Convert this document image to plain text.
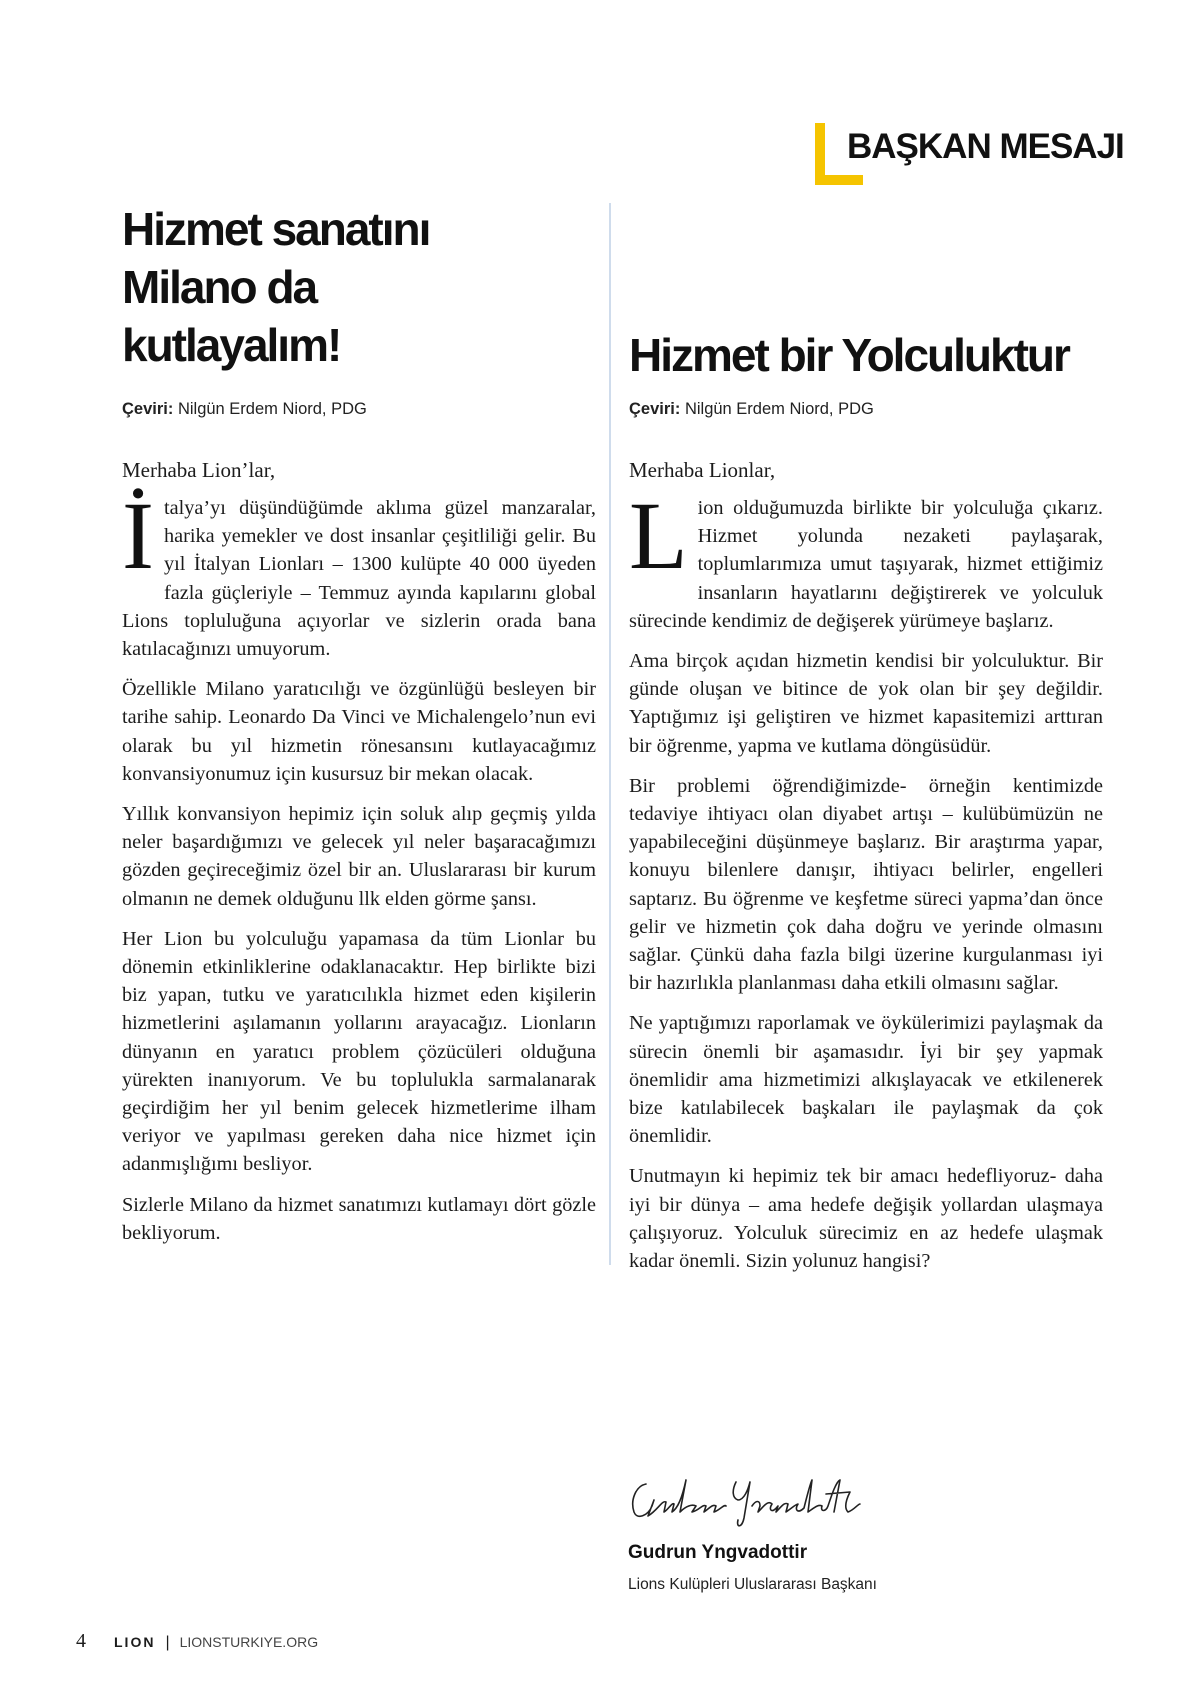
BAŞKAN MESAJI
Hizmet sanatını
Milano da
kutlayalım!

Çeviri: Nilgün Erdem Niord, PDG

Merhaba Lion’lar,

İtalya’yı düşündüğümde aklıma güzel manzaralar, harika yemekler ve dost insanlar çeşitliliği gelir. Bu yıl İtalyan Lionları – 1300 kulüpte 40 000 üyeden fazla güçleriyle – Temmuz ayında kapılarını global Lions topluluğuna açıyorlar ve sizlerin orada bana katılacağınızı umuyorum.

Özellikle Milano yaratıcılığı ve özgünlüğü besleyen bir tarihe sahip. Leonardo Da Vinci ve Michalengelo’nun evi olarak bu yıl hizmetin rönesansını kutlayacağımız konvansiyonumuz için kusursuz bir mekan olacak.

Yıllık konvansiyon hepimiz için soluk alıp geçmiş yılda neler başardığımızı ve gelecek yıl neler başaracağımızı gözden geçireceğimiz özel bir an. Uluslararası bir kurum olmanın ne demek olduğunu llk elden görme şansı.

Her Lion bu yolculuğu yapamasa da tüm Lionlar bu dönemin etkinliklerine odaklanacaktır. Hep birlikte bizi biz yapan, tutku ve yaratıcılıkla hizmet eden kişilerin hizmetlerini aşılamanın yollarını arayacağız. Lionların dünyanın en yaratıcı problem çözücüleri olduğuna yürekten inanıyorum. Ve bu toplulukla sarmalanarak geçirdiğim her yıl benim gelecek hizmetlerime ilham veriyor ve yapılması gereken daha nice hizmet için adanmışlığımı besliyor.

Sizlerle Milano da hizmet sanatımızı kutlamayı dört gözle bekliyorum.

Hizmet bir Yolculuktur

Çeviri: Nilgün Erdem Niord, PDG

Merhaba Lionlar,

Lion olduğumuzda birlikte bir yolculuğa çıkarız. Hizmet yolunda nezaketi paylaşarak, toplumlarımıza umut taşıyarak, hizmet ettiğimiz insanların hayatlarını değiştirerek ve yolculuk sürecinde kendimiz de değişerek yürümeye başlarız.

Ama birçok açıdan hizmetin kendisi bir yolculuktur. Bir günde oluşan ve bitince de yok olan bir şey değildir. Yaptığımız işi geliştiren ve hizmet kapasitemizi arttıran bir öğrenme, yapma ve kutlama döngüsüdür.

Bir problemi öğrendiğimizde- örneğin kentimizde tedaviye ihtiyacı olan diyabet artışı – kulübümüzün ne yapabileceğini düşünmeye başlarız. Bir araştırma yapar, konuyu bilenlere danışır, ihtiyacı belirler, engelleri saptarız. Bu öğrenme ve keşfetme süreci yapma’dan önce gelir ve hizmetin çok daha doğru ve yerinde olmasını sağlar. Çünkü daha fazla bilgi üzerine kurgulanması iyi bir hazırlıkla planlanması daha etkili olmasını sağlar.

Ne yaptığımızı raporlamak ve öykülerimizi paylaşmak da sürecin önemli bir aşamasıdır. İyi bir şey yapmak önemlidir ama hizmetimizi alkışlayacak ve etkilenerek bize katılabilecek başkaları ile paylaşmak da çok önemlidir.

Unutmayın ki hepimiz tek bir amacı hedefliyoruz- daha iyi bir dünya – ama hedefe değişik yollardan ulaşmaya çalışıyoruz. Yolculuk sürecimiz en az hedefe ulaşmak kadar önemli. Sizin yolunuz hangisi?

Gudrun Yngvadottir

Lions Kulüpleri Uluslararası Başkanı

4 LION | LIONSTURKIYE.ORG
